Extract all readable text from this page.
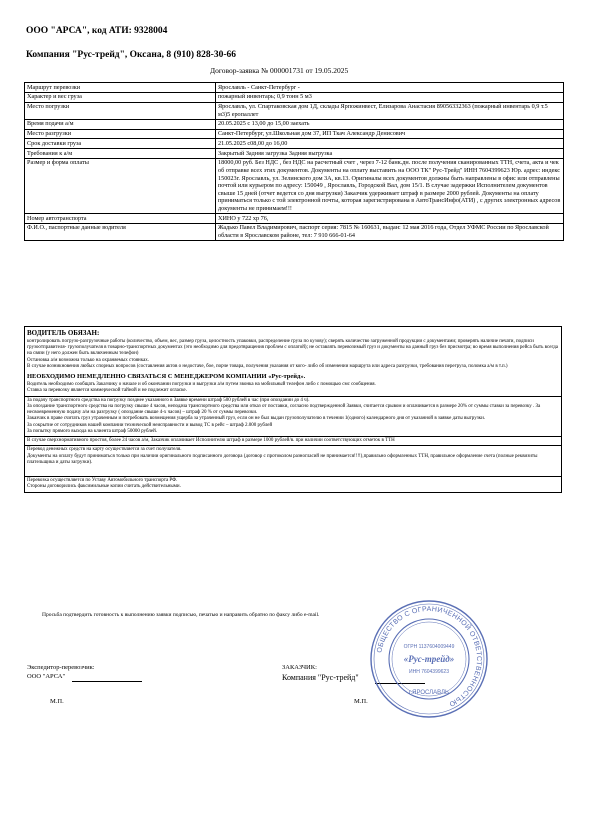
ООО "АРСА", код АТИ: 9328004
Компания "Рус-трейд", Оксана, 8 (910) 828-30-66
Договор-заявка № 000001731 от 19.05.2025
Маршрут перевозки	Ярославль - Санкт-Петербург -
Характер и вес груза	пожарный инвентарь; 0,9 тонн 5 м3
Место погрузки	Ярославль, ул. Спартаковская дом 1Д, склады Ярпожинвест, Елизарова Анастасия 89056332363 (пожарный инвентарь 0,9 т.5 м3)5 еропаллет
Время подачи а/м	20.05.2025 с 13,00 до 15,00 заехать
Место разгрузки	Санкт-Петербург, ул.Школьная дом 37, ИП Ткач Александр Денисович
Срок доставки груза	21.05.2025 с08,00 до 16,00
Требования к а/м	Закрытый Задняя загрузка Задняя выгрузка
Размер и форма оплаты	18000,00 руб. Без НДС , без НДС на расчетный счет , через 7-12 банк.дн. после получения сканированных ТТН, счета, акта и чек об отправке всех этих документов. Документы на оплату выставить на ООО ТК" Рус-Трейд" ИНН 7604399623 Юр. адрес: индекс 150023г. Ярославль, ул. Зелинского дом 3А, кв.13. Оригиналы всех документов должны быть направлены в офис или отправлены почтой или курьером по адресу: 150049 , Ярославль, Городской Вал, дом 15/1. В случае задержки Исполнителем документов свыше 15 дней (отчет ведется со дня выгрузки) Заказчик удерживает штраф в размере 2000 рублей. Документы на оплату приниматься только с той электронной почты, которая зарегистрирована в АвтоТрансИнфо(АТИ) , с других электронных адресов документы не принимаем!!!
Номер автотранспорта	ХИНО у 722 хр 76,
Ф.И.О., паспортные данные водителя	Жадько Павел Владимирович, паспорт серия: 7815 № 160631, выдан: 12 мая 2016 года, Отдел УФМС России по Ярославской области в Ярославском районе, тел: 7 910 666-01-64

ВОДИТЕЛЬ ОБЯЗАН:

контролировать погрузо-разгрузочные работы (количество, объем, вес, размер груза, целостность упаковки, распределение груза по кузову); сверять количество загруженной продукции с документами; проверять наличие печати, подписи грузоотправителя- грузополучателя в товарно-транспортных документах (это необходимо для предотвращения проблем с оплатой); не оставлять перевозимый груз и документы на данный груз без присмотра; во время выполнения рейса быть всегда на связи (у него должен быть включенным телефон)

Остановка а/м возможна только на охраняемых стоянках.

В случае возникновения любых спорных вопросов (составления актов о недостаче, бое, порче товара, получения указания от кого- либо об изменении маршрута или адреса разгрузки, требования перегруза, поломка а/м в т.п.)

НЕОБХОДИМО НЕМЕДЛЕННО СВЯЗАТЬСЯ С МЕНЕДЖЕРОМ КОМПАНИИ «Рус-трейд».

Водитель необходимо сообщать Заказчику о начале и об окончании погрузки и выгрузки а/м путем звонка на мобильный телефон либо с помощью смс сообщения.

Ставка за перевозку является коммерческой тайной и не подлежит огласке.

За подачу транспортного средства на погрузку позднее указанного в Заявке времени штраф 500 рублей в час (при опоздании до 4 ч).

За опоздание транспортного средства на погрузку свыше 4 часов, неподача транспортного средства или отказ от поставки, согласно подтвержденной Заявки, считается срывом и оплачивается в размере 20% от суммы ставки за перевозку . За несвоевременную подачу а/м на разгрузку ( опоздание свыше 4-х часов) – штраф 20 % от суммы перевозки.

Заказчик в праве считать груз утраченным и потребовать возмещения ущерба за утраченный груз, если он не был выдан грузополучателю в течении 1(одного) календарного дня от указанной в заявке даты выгрузки.

За сокрытие от сотрудников нашей компании технической неисправности и вывод ТС в рейс – штраф 2.000 рублей

За попытку прямого выхода на клиента штраф 50000 рублей.

В случае сверхнормативного простоя, более 24 часов а/м, Заказчик оплачивает Исполнителю штраф в размере 1000 рублей/в. при наличии соответствующих отметок в ТТН

Перевод денежных средств на карту осуществляется за счет получателя.

Документы на оплату будут приниматься только при наличии оригинального подписанного договора (договор с протоколом разногласий не принимается!!!!),правильно оформленных ТТН, правильное оформление счета (полные реквизиты плательщика и даты загрузки).

Перевозка осуществляется по Уставу Автомобильного транспорта РФ.

Стороны договорились факсимильные копии считать действительными.

Просьба подтвердить готовность к выполнению заявки подписью, печатью и направить обратно по факсу либо e-mail.
Экспедитор-перевозчик:
ООО "АРСА"
ЗАКАЗЧИК:
Компания "Рус-трейд"
М.П.	М.П.
ОБЩЕСТВО С ОГРАНИЧЕННОЙ ОТВЕТСТВЕННОСТЬЮ
ОГРН 1137604009449
«Рус-трейд»
ИНН 7604399623
г.ЯРОСЛАВЛЬ
